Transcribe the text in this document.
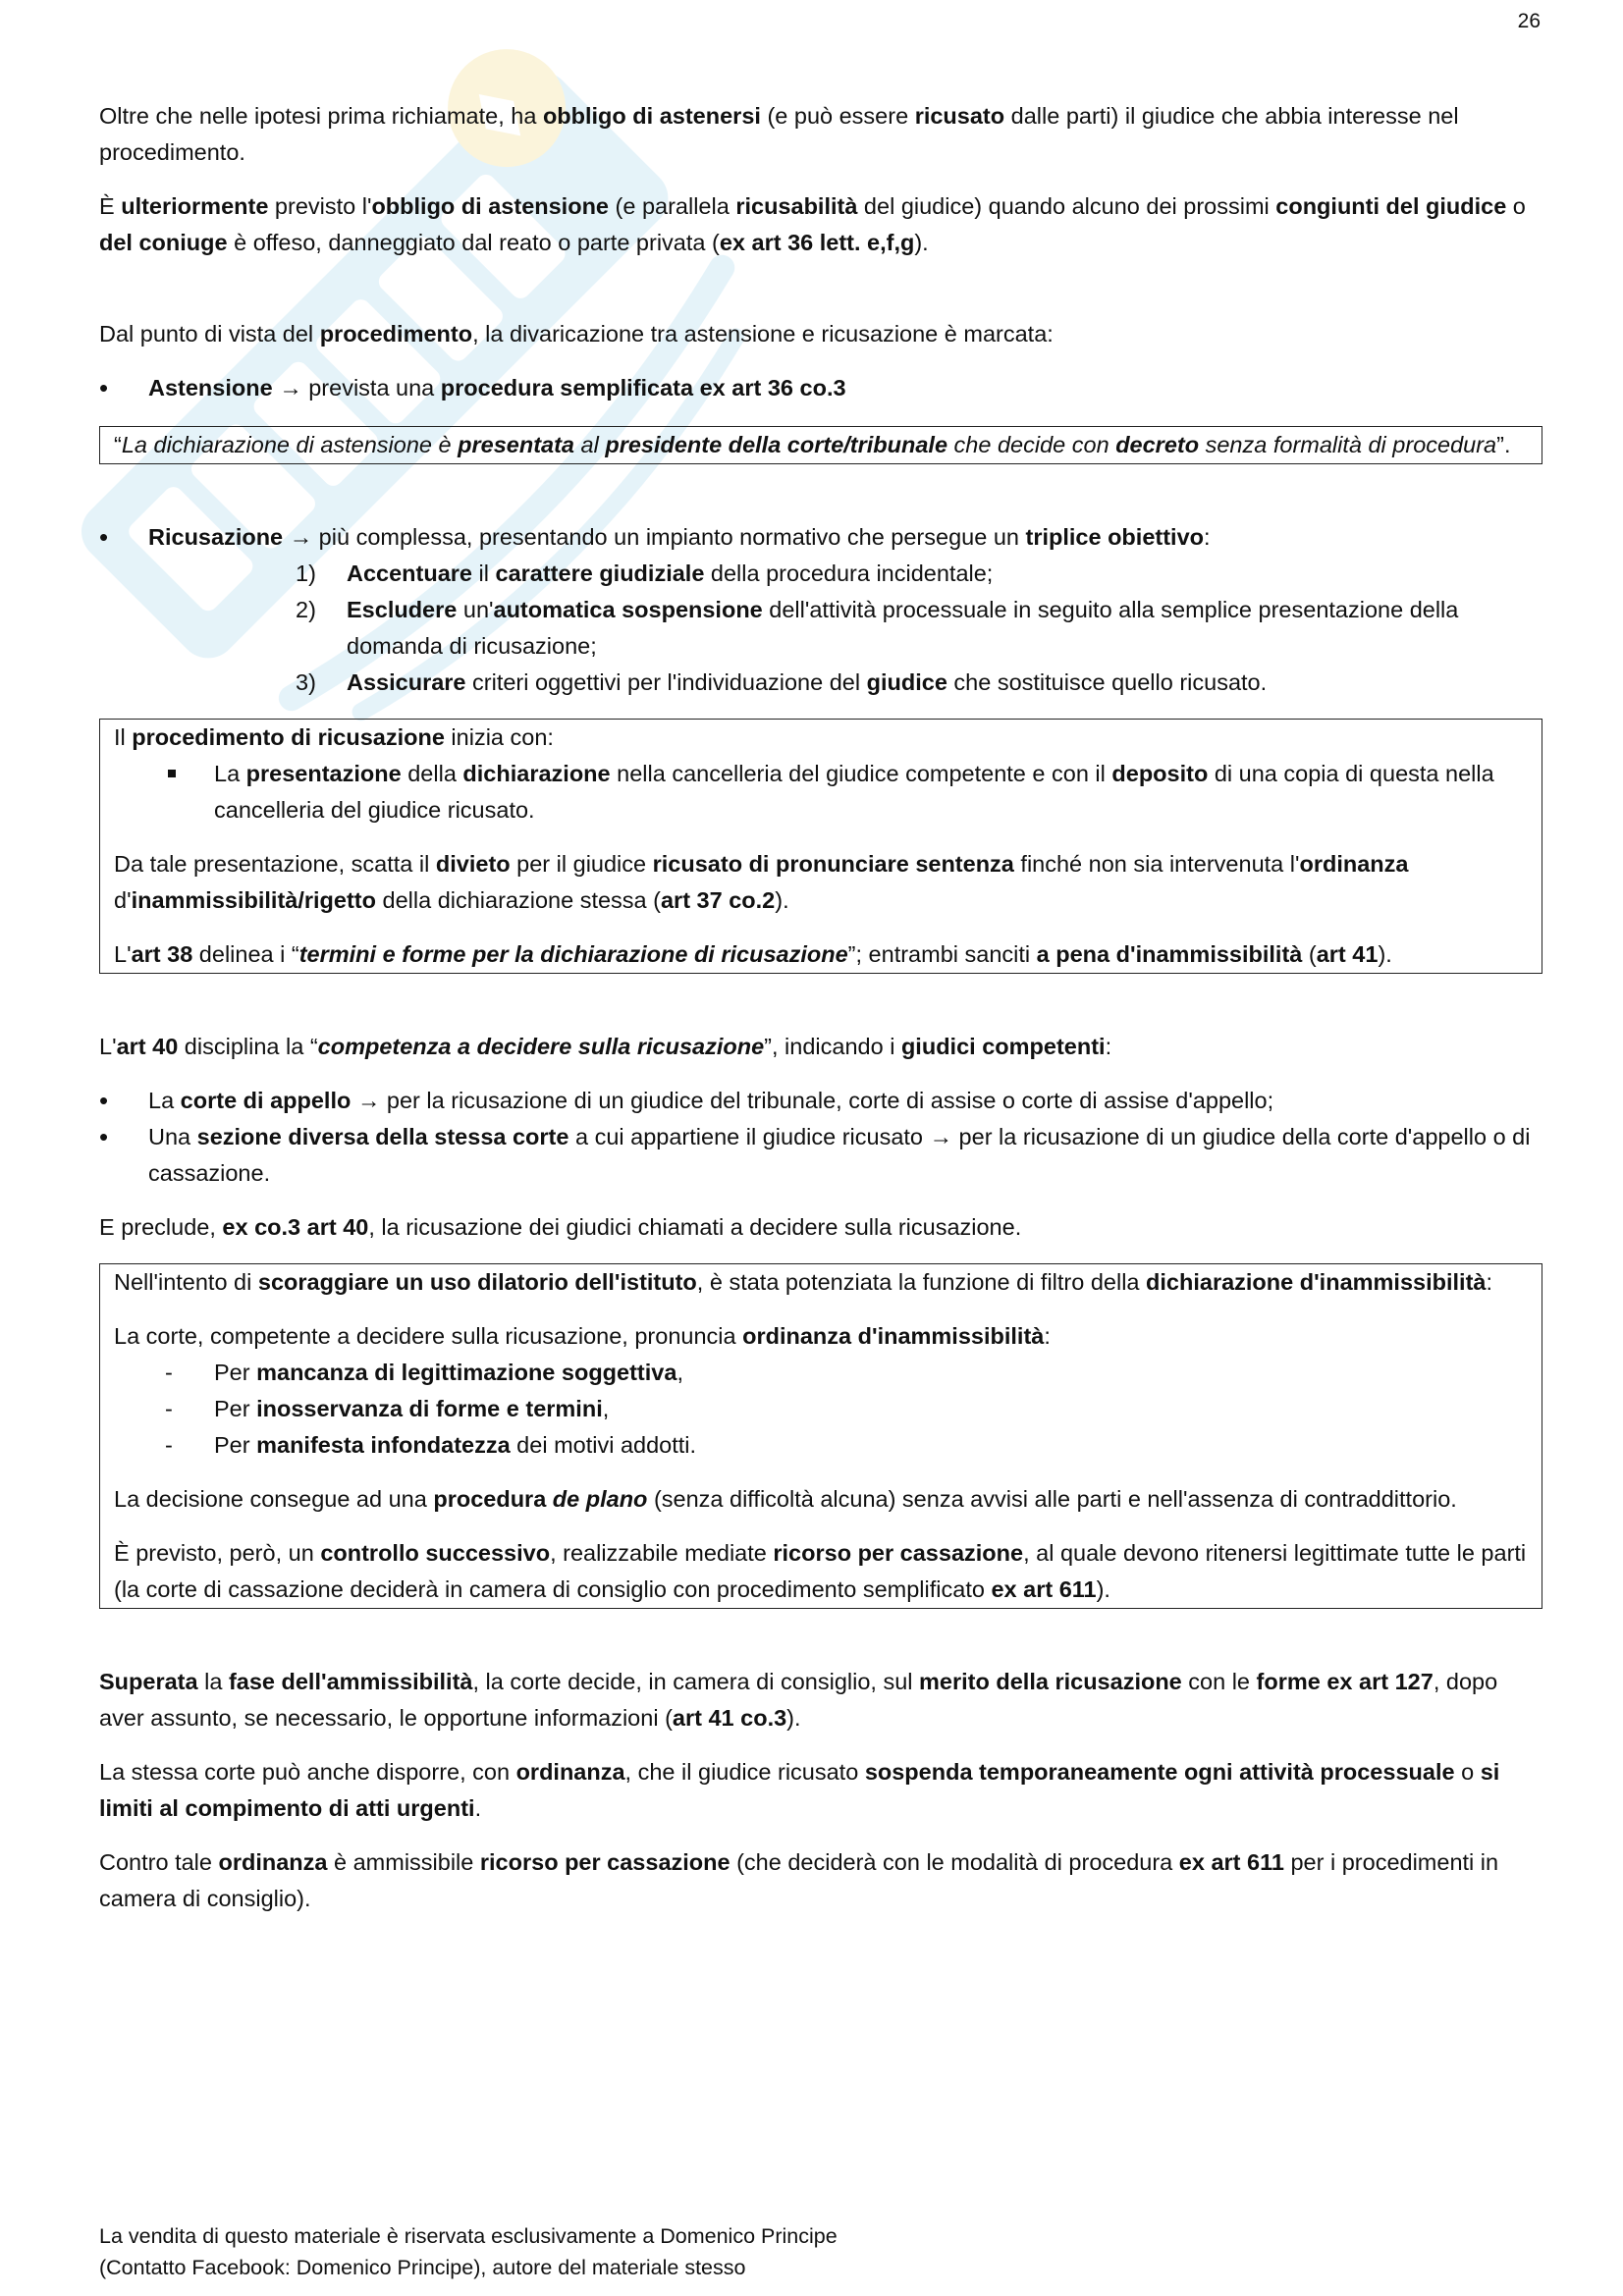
26

Oltre che nelle ipotesi prima richiamate, ha obbligo di astenersi (e può essere ricusato dalle parti) il giudice che abbia interesse nel procedimento.

È ulteriormente previsto l'obbligo di astensione (e parallela ricusabilità del giudice) quando alcuno dei prossimi congiunti del giudice o del coniuge è offeso, danneggiato dal reato o parte privata (ex art 36 lett. e,f,g).

Dal punto di vista del procedimento, la divaricazione tra astensione e ricusazione è marcata:

• Astensione → prevista una procedura semplificata ex art 36 co.3

“La dichiarazione di astensione è presentata al presidente della corte/tribunale che decide con decreto senza formalità di procedura”.

• Ricusazione → più complessa, presentando un impianto normativo che persegue un triplice obiettivo:
1) Accentuare il carattere giudiziale della procedura incidentale;
2) Escludere un'automatica sospensione dell'attività processuale in seguito alla semplice presentazione della domanda di ricusazione;
3) Assicurare criteri oggettivi per l'individuazione del giudice che sostituisce quello ricusato.

Il procedimento di ricusazione inizia con:

La presentazione della dichiarazione nella cancelleria del giudice competente e con il deposito di una copia di questa nella cancelleria del giudice ricusato.

Da tale presentazione, scatta il divieto per il giudice ricusato di pronunciare sentenza finché non sia intervenuta l'ordinanza d'inammissibilità/rigetto della dichiarazione stessa (art 37 co.2).

L'art 38 delinea i “termini e forme per la dichiarazione di ricusazione”; entrambi sanciti a pena d'inammissibilità (art 41).

L'art 40 disciplina la “competenza a decidere sulla ricusazione”, indicando i giudici competenti:

• La corte di appello → per la ricusazione di un giudice del tribunale, corte di assise o corte di assise d'appello;
• Una sezione diversa della stessa corte a cui appartiene il giudice ricusato → per la ricusazione di un giudice della corte d'appello o di cassazione.

E preclude, ex co.3 art 40, la ricusazione dei giudici chiamati a decidere sulla ricusazione.

Nell'intento di scoraggiare un uso dilatorio dell'istituto, è stata potenziata la funzione di filtro della dichiarazione d'inammissibilità:

La corte, competente a decidere sulla ricusazione, pronuncia ordinanza d'inammissibilità:

- Per mancanza di legittimazione soggettiva,
- Per inosservanza di forme e termini,
- Per manifesta infondatezza dei motivi addotti.

La decisione consegue ad una procedura de plano (senza difficoltà alcuna) senza avvisi alle parti e nell'assenza di contraddittorio.

È previsto, però, un controllo successivo, realizzabile mediate ricorso per cassazione, al quale devono ritenersi legittimate tutte le parti (la corte di cassazione deciderà in camera di consiglio con procedimento semplificato ex art 611).

Superata la fase dell'ammissibilità, la corte decide, in camera di consiglio, sul merito della ricusazione con le forme ex art 127, dopo aver assunto, se necessario, le opportune informazioni (art 41 co.3).

La stessa corte può anche disporre, con ordinanza, che il giudice ricusato sospenda temporaneamente ogni attività processuale o si limiti al compimento di atti urgenti.

Contro tale ordinanza è ammissibile ricorso per cassazione (che deciderà con le modalità di procedura ex art 611 per i procedimenti in camera di consiglio).

La vendita di questo materiale è riservata esclusivamente a Domenico Principe
(Contatto Facebook: Domenico Principe), autore del materiale stesso
